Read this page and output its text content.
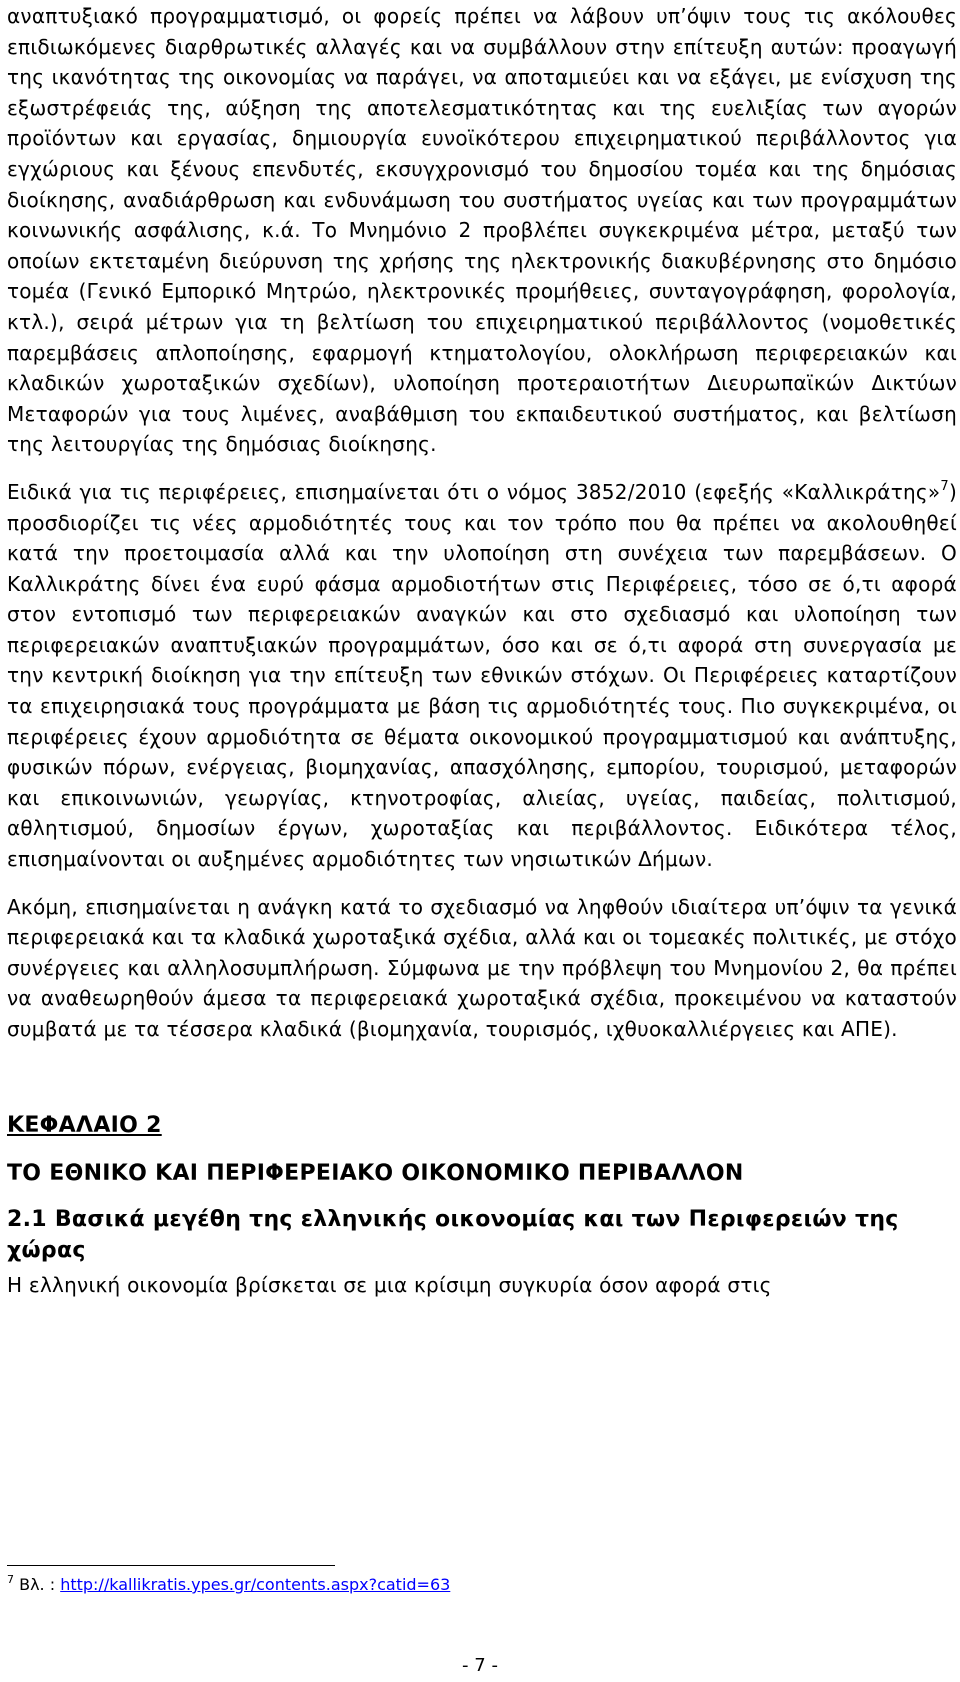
αναπτυξιακό προγραμματισμό, οι φορείς πρέπει να λάβουν υπ’όψιν τους τις ακόλουθες επιδιωκόμενες διαρθρωτικές αλλαγές και να συμβάλλουν στην επίτευξη αυτών: προαγωγή της ικανότητας της οικονομίας να παράγει, να αποταμιεύει και να εξάγει, με ενίσχυση της εξωστρέφειάς της, αύξηση της αποτελεσματικότητας και της ευελιξίας των αγορών προϊόντων και εργασίας, δημιουργία ευνοϊκότερου επιχειρηματικού περιβάλλοντος για εγχώριους και ξένους επενδυτές, εκσυγχρονισμό του δημοσίου τομέα και της δημόσιας διοίκησης, αναδιάρθρωση και ενδυνάμωση του συστήματος υγείας και των προγραμμάτων κοινωνικής ασφάλισης, κ.ά. Το Μνημόνιο 2 προβλέπει συγκεκριμένα μέτρα, μεταξύ των οποίων εκτεταμένη διεύρυνση της χρήσης της ηλεκτρονικής διακυβέρνησης στο δημόσιο τομέα (Γενικό Εμπορικό Μητρώο, ηλεκτρονικές προμήθειες, συνταγογράφηση, φορολογία, κτλ.), σειρά μέτρων για τη βελτίωση του επιχειρηματικού περιβάλλοντος (νομοθετικές παρεμβάσεις απλοποίησης, εφαρμογή κτηματολογίου, ολοκλήρωση περιφερειακών και κλαδικών χωροταξικών σχεδίων), υλοποίηση προτεραιοτήτων Διευρωπαϊκών Δικτύων Μεταφορών για τους λιμένες, αναβάθμιση του εκπαιδευτικού συστήματος, και βελτίωση της λειτουργίας της δημόσιας διοίκησης.

Ειδικά για τις περιφέρειες, επισημαίνεται ότι ο νόμος 3852/2010 (εφεξής «Καλλικράτης»$^7$) προσδιορίζει τις νέες αρμοδιότητές τους και τον τρόπο που θα πρέπει να ακολουθηθεί κατά την προετοιμασία αλλά και την υλοποίηση στη συνέχεια των παρεμβάσεων. Ο Καλλικράτης δίνει ένα ευρύ φάσμα αρμοδιοτήτων στις Περιφέρειες, τόσο σε ό,τι αφορά στον εντοπισμό των περιφερειακών αναγκών και στο σχεδιασμό και υλοποίηση των περιφερειακών αναπτυξιακών προγραμμάτων, όσο και σε ό,τι αφορά στη συνεργασία με την κεντρική διοίκηση για την επίτευξη των εθνικών στόχων. Οι Περιφέρειες καταρτίζουν τα επιχειρησιακά τους προγράμματα με βάση τις αρμοδιότητές τους. Πιο συγκεκριμένα, οι περιφέρειες έχουν αρμοδιότητα σε θέματα οικονομικού προγραμματισμού και ανάπτυξης, φυσικών πόρων, ενέργειας, βιομηχανίας, απασχόλησης, εμπορίου, τουρισμού, μεταφορών και επικοινωνιών, γεωργίας, κτηνοτροφίας, αλιείας, υγείας, παιδείας, πολιτισμού, αθλητισμού, δημοσίων έργων, χωροταξίας και περιβάλλοντος. Ειδικότερα τέλος, επισημαίνονται οι αυξημένες αρμοδιότητες των νησιωτικών Δήμων.

Ακόμη, επισημαίνεται η ανάγκη κατά το σχεδιασμό να ληφθούν ιδιαίτερα υπ’όψιν τα γενικά περιφερειακά και τα κλαδικά χωροταξικά σχέδια, αλλά και οι τομεακές πολιτικές, με στόχο συνέργειες και αλληλοσυμπλήρωση. Σύμφωνα με την πρόβλεψη του Μνημονίου 2, θα πρέπει να αναθεωρηθούν άμεσα τα περιφερειακά χωροταξικά σχέδια, προκειμένου να καταστούν συμβατά με τα τέσσερα κλαδικά (βιομηχανία, τουρισμός, ιχθυοκαλλιέργειες και ΑΠΕ).

ΚΕΦΑΛΑΙΟ 2
ΤΟ ΕΘΝΙΚΟ ΚΑΙ ΠΕΡΙΦΕΡΕΙΑΚΟ ΟΙΚΟΝΟΜΙΚΟ ΠΕΡΙΒΑΛΛΟΝ
2.1 Βασικά μεγέθη της ελληνικής οικονομίας και των Περιφερειών της χώρας

Η ελληνική οικονομία βρίσκεται σε μια κρίσιμη συγκυρία όσον αφορά στις

$^7$ Βλ. : http://kallikratis.ypes.gr/contents.aspx?catid=63
- 7 -
